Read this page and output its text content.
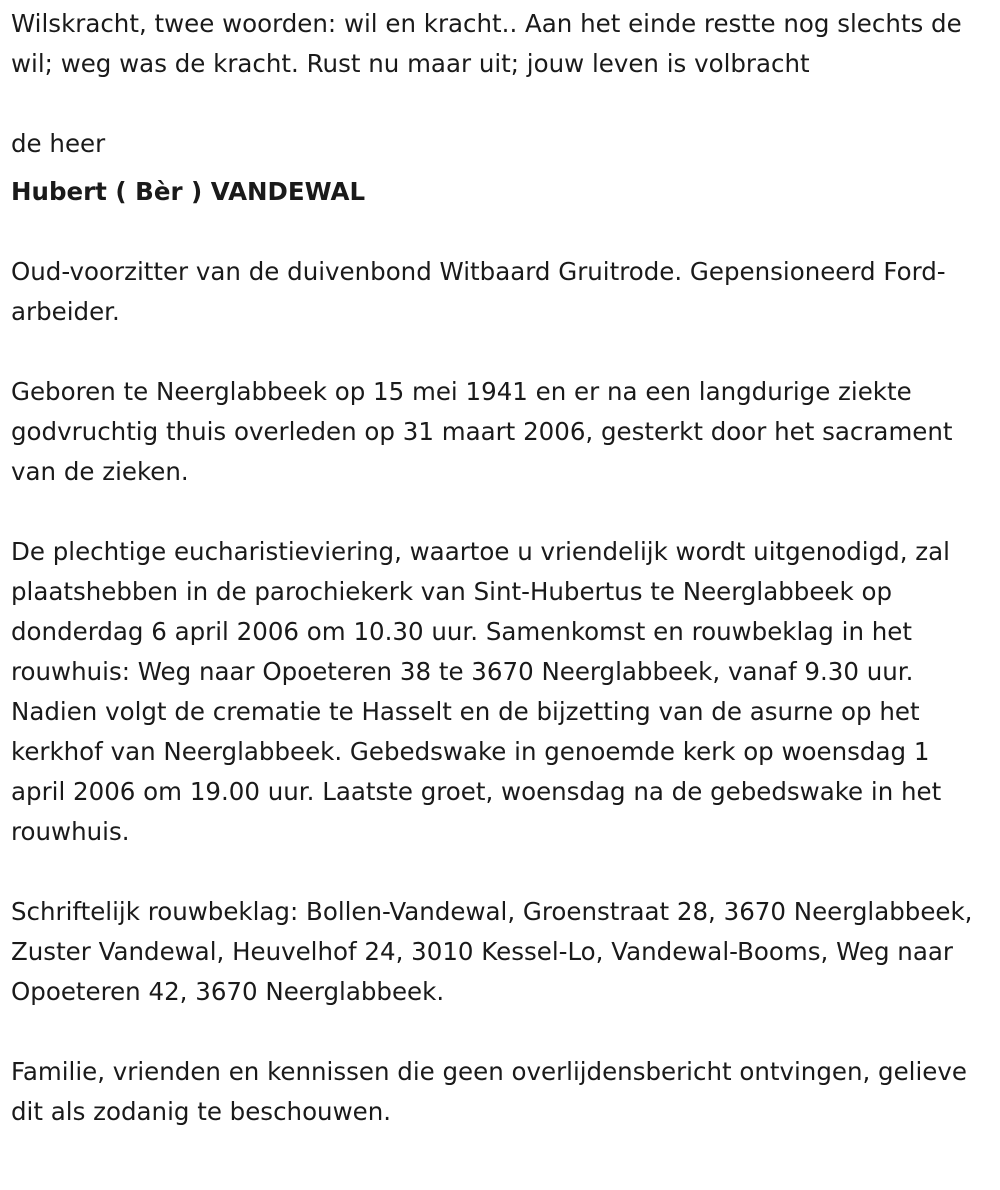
Wilskracht, twee woorden: wil en kracht.. Aan het einde restte nog slechts de wil; weg was de kracht. Rust nu maar uit; jouw leven is volbracht

de heer

Hubert ( Bèr ) VANDEWAL

Oud-voorzitter van de duivenbond Witbaard Gruitrode. Gepensioneerd Ford-arbeider.

Geboren te Neerglabbeek op 15 mei 1941 en er na een langdurige ziekte godvruchtig thuis overleden op 31 maart 2006, gesterkt door het sacrament van de zieken.

De plechtige eucharistieviering, waartoe u vriendelijk wordt uitgenodigd, zal plaatshebben in de parochiekerk van Sint-Hubertus te Neerglabbeek op donderdag 6 april 2006 om 10.30 uur. Samenkomst en rouwbeklag in het rouwhuis: Weg naar Opoeteren 38 te 3670 Neerglabbeek, vanaf 9.30 uur. Nadien volgt de crematie te Hasselt en de bijzetting van de asurne op het kerkhof van Neerglabbeek. Gebedswake in genoemde kerk op woensdag 1 april 2006 om 19.00 uur. Laatste groet, woensdag na de gebedswake in het rouwhuis.

Schriftelijk rouwbeklag: Bollen-Vandewal, Groenstraat 28, 3670 Neerglabbeek, Zuster Vandewal, Heuvelhof 24, 3010 Kessel-Lo, Vandewal-Booms, Weg naar Opoeteren 42, 3670 Neerglabbeek.

Familie, vrienden en kennissen die geen overlijdensbericht ontvingen, gelieve dit als zodanig te beschouwen.
